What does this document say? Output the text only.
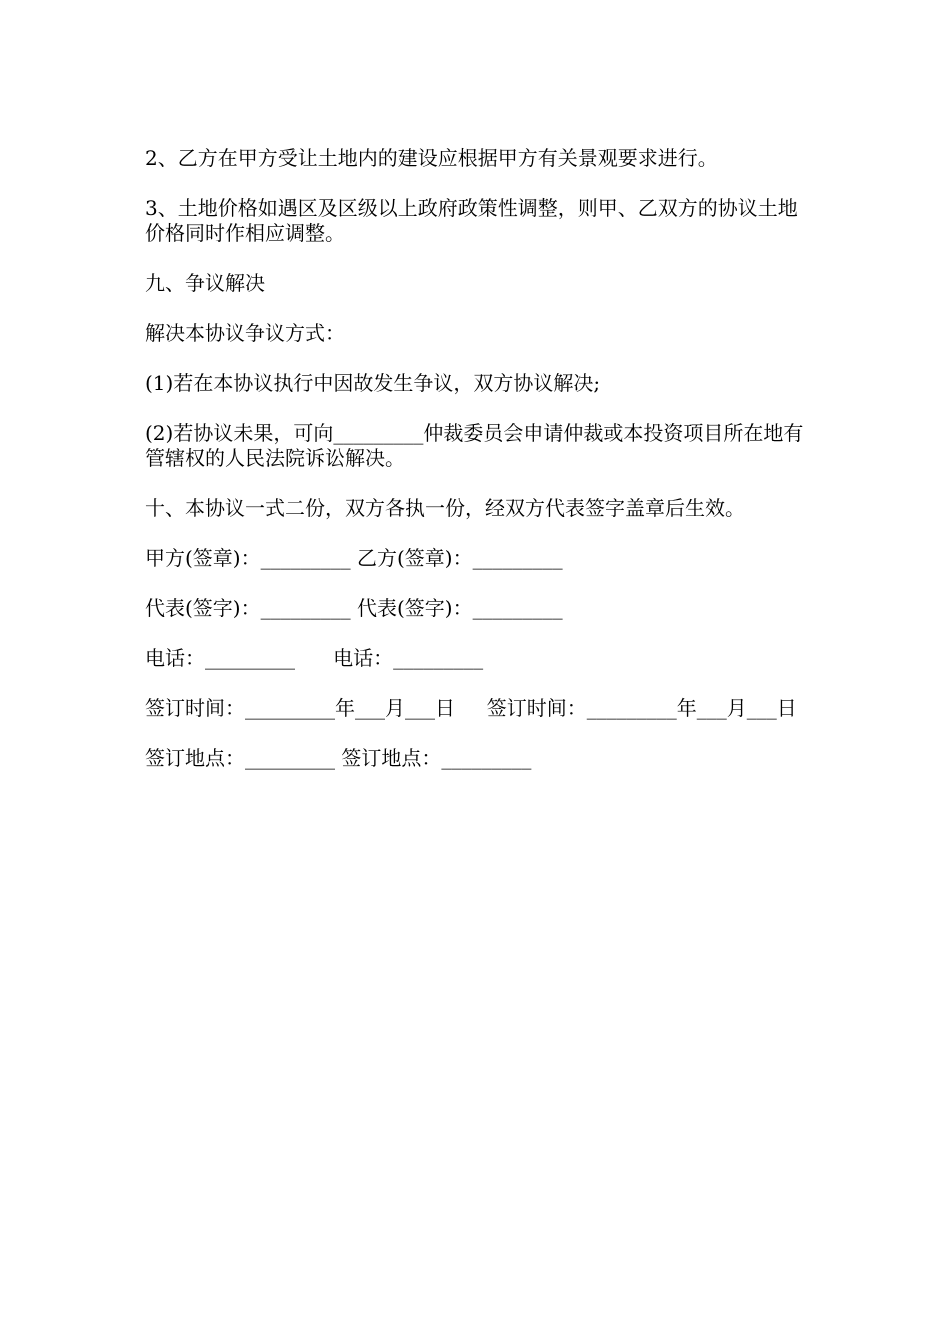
2、乙方在甲方受让土地内的建设应根据甲方有关景观要求进行。

3、土地价格如遇区及区级以上政府政策性调整，则甲、乙双方的协议土地价格同时作相应调整。

九、争议解决

解决本协议争议方式：

(1)若在本协议执行中因故发生争议，双方协议解决;

(2)若协议未果，可向_________仲裁委员会申请仲裁或本投资项目所在地有管辖权的人民法院诉讼解决。

十、本协议一式二份，双方各执一份，经双方代表签字盖章后生效。

甲方(签章)：_________ 乙方(签章)：_________

代表(签字)：_________ 代表(签字)：_________

电话：_________      电话：_________

签订时间：_________年___月___日     签订时间：_________年___月___日

签订地点：_________ 签订地点：_________
